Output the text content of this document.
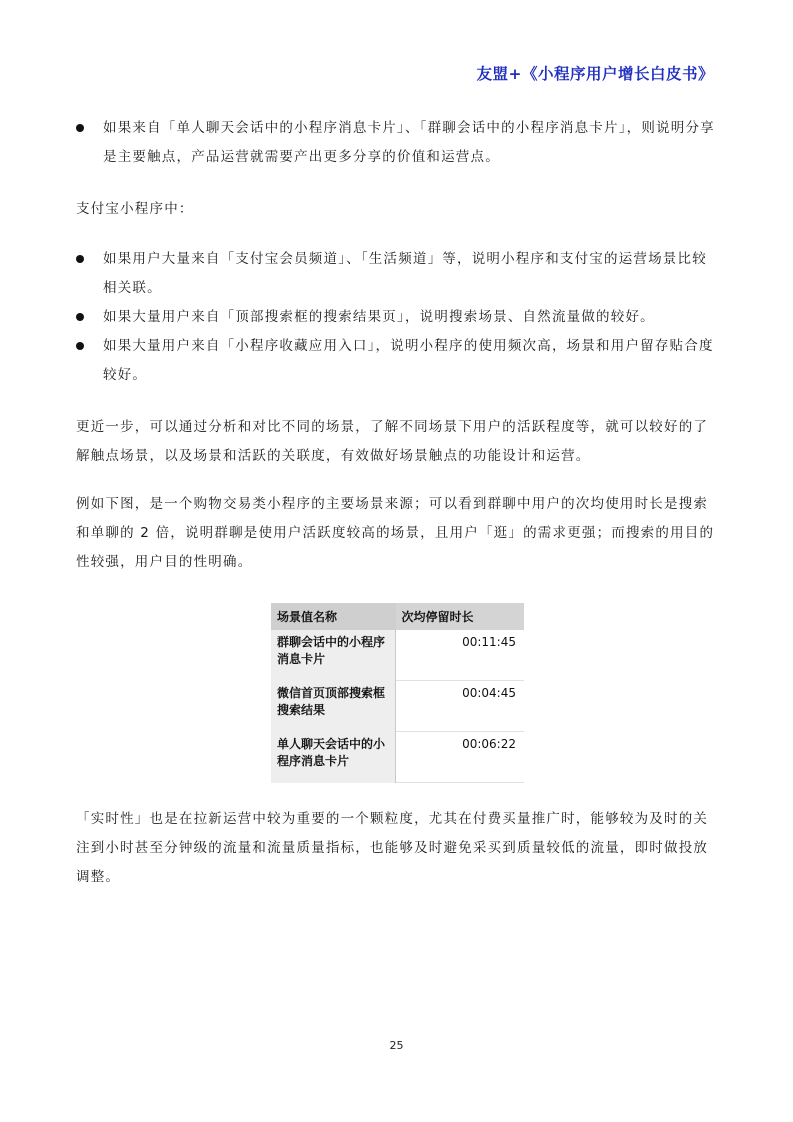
友盟+《小程序用户增长白皮书》
如果来自「单人聊天会话中的小程序消息卡片」、「群聊会话中的小程序消息卡片」，则说明分享是主要触点，产品运营就需要产出更多分享的价值和运营点。

支付宝小程序中：

如果用户大量来自「支付宝会员频道」、「生活频道」等，说明小程序和支付宝的运营场景比较相关联。
如果大量用户来自「顶部搜索框的搜索结果页」，说明搜索场景、自然流量做的较好。
如果大量用户来自「小程序收藏应用入口」，说明小程序的使用频次高，场景和用户留存贴合度较好。

更近一步，可以通过分析和对比不同的场景，了解不同场景下用户的活跃程度等，就可以较好的了解触点场景，以及场景和活跃的关联度，有效做好场景触点的功能设计和运营。

例如下图，是一个购物交易类小程序的主要场景来源；可以看到群聊中用户的次均使用时长是搜索和单聊的 2 倍，说明群聊是使用户活跃度较高的场景，且用户「逛」的需求更强；而搜索的用目的性较强，用户目的性明确。

场景值名称	次均停留时长
群聊会话中的小程序消息卡片	00:11:45
微信首页顶部搜索框搜索结果	00:04:45
单人聊天会话中的小程序消息卡片	00:06:22

「实时性」也是在拉新运营中较为重要的一个颗粒度，尤其在付费买量推广时，能够较为及时的关注到小时甚至分钟级的流量和流量质量指标，也能够及时避免采买到质量较低的流量，即时做投放调整。

25
